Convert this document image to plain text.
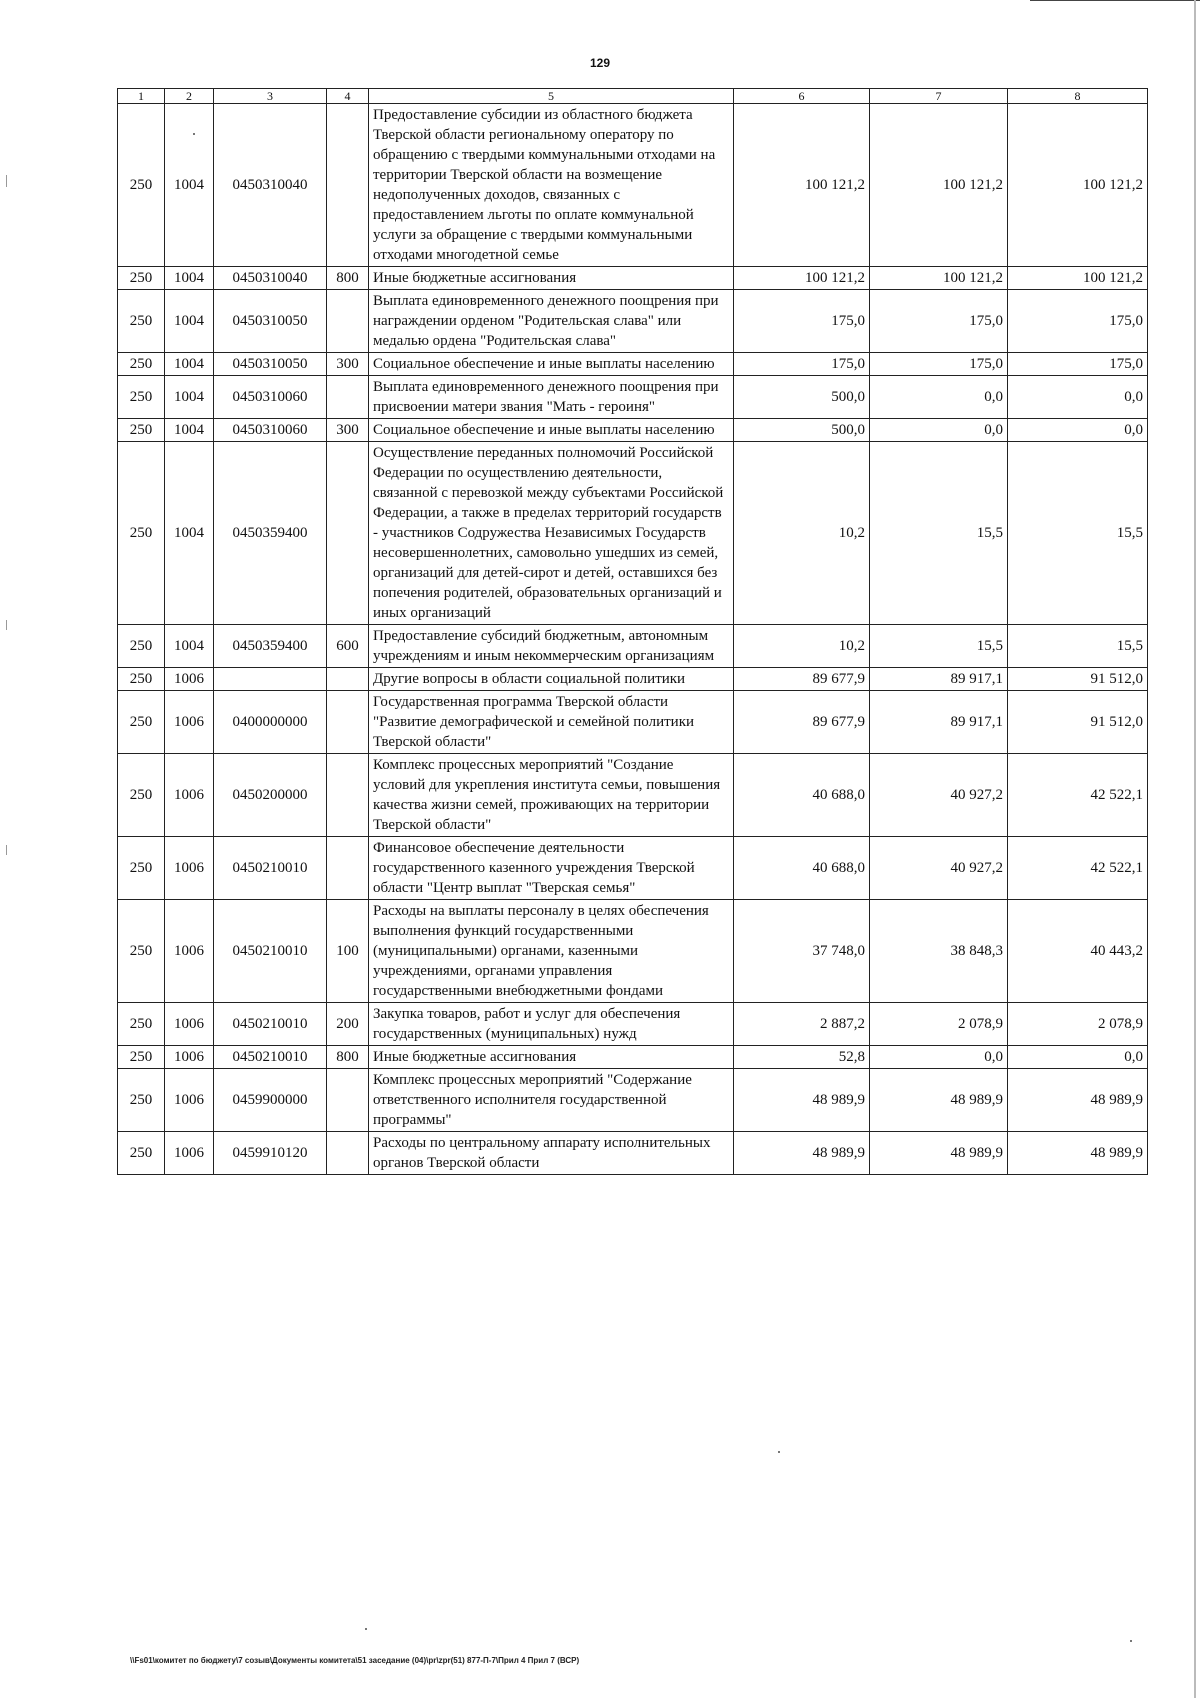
129
1	2	3	4	5	6	7	8
250	1004	0450310040		Предоставление субсидии из областного бюджета Тверской области региональному оператору по обращению с твердыми коммунальными отходами на территории Тверской области на возмещение недополученных доходов, связанных с предоставлением льготы по оплате коммунальной услуги за обращение с твердыми коммунальными отходами многодетной семье	100 121,2	100 121,2	100 121,2
250	1004	0450310040	800	Иные бюджетные ассигнования	100 121,2	100 121,2	100 121,2
250	1004	0450310050		Выплата единовременного денежного поощрения при награждении орденом "Родительская слава" или медалью ордена "Родительская слава"	175,0	175,0	175,0
250	1004	0450310050	300	Социальное обеспечение и иные выплаты населению	175,0	175,0	175,0
250	1004	0450310060		Выплата единовременного денежного поощрения при присвоении матери звания "Мать - героиня"	500,0	0,0	0,0
250	1004	0450310060	300	Социальное обеспечение и иные выплаты населению	500,0	0,0	0,0
250	1004	0450359400		Осуществление переданных полномочий Российской Федерации по осуществлению деятельности, связанной с перевозкой между субъектами Российской Федерации, а также в пределах территорий государств - участников Содружества Независимых Государств несовершеннолетних, самовольно ушедших из семей, организаций для детей-сирот и детей, оставшихся без попечения родителей, образовательных организаций и иных организаций	10,2	15,5	15,5
250	1004	0450359400	600	Предоставление субсидий бюджетным, автономным учреждениям и иным некоммерческим организациям	10,2	15,5	15,5
250	1006			Другие вопросы в области социальной политики	89 677,9	89 917,1	91 512,0
250	1006	0400000000		Государственная программа Тверской области "Развитие демографической и семейной политики Тверской области"	89 677,9	89 917,1	91 512,0
250	1006	0450200000		Комплекс процессных мероприятий "Создание условий для укрепления института семьи, повышения качества жизни семей, проживающих на территории Тверской области"	40 688,0	40 927,2	42 522,1
250	1006	0450210010		Финансовое обеспечение деятельности государственного казенного учреждения Тверской области "Центр выплат "Тверская семья"	40 688,0	40 927,2	42 522,1
250	1006	0450210010	100	Расходы на выплаты персоналу в целях обеспечения выполнения функций государственными (муниципальными) органами, казенными учреждениями, органами управления государственными внебюджетными фондами	37 748,0	38 848,3	40 443,2
250	1006	0450210010	200	Закупка товаров, работ и услуг для обеспечения государственных (муниципальных) нужд	2 887,2	2 078,9	2 078,9
250	1006	0450210010	800	Иные бюджетные ассигнования	52,8	0,0	0,0
250	1006	0459900000		Комплекс процессных мероприятий "Содержание ответственного исполнителя государственной программы"	48 989,9	48 989,9	48 989,9
250	1006	0459910120		Расходы по центральному аппарату исполнительных органов Тверской области	48 989,9	48 989,9	48 989,9
\\Fs01\комитет по бюджету\7 созыв\Документы комитета\51 заседание (04)\pr\zpr(51) 877-П-7\Прил 4 Прил 7 (ВСР)
